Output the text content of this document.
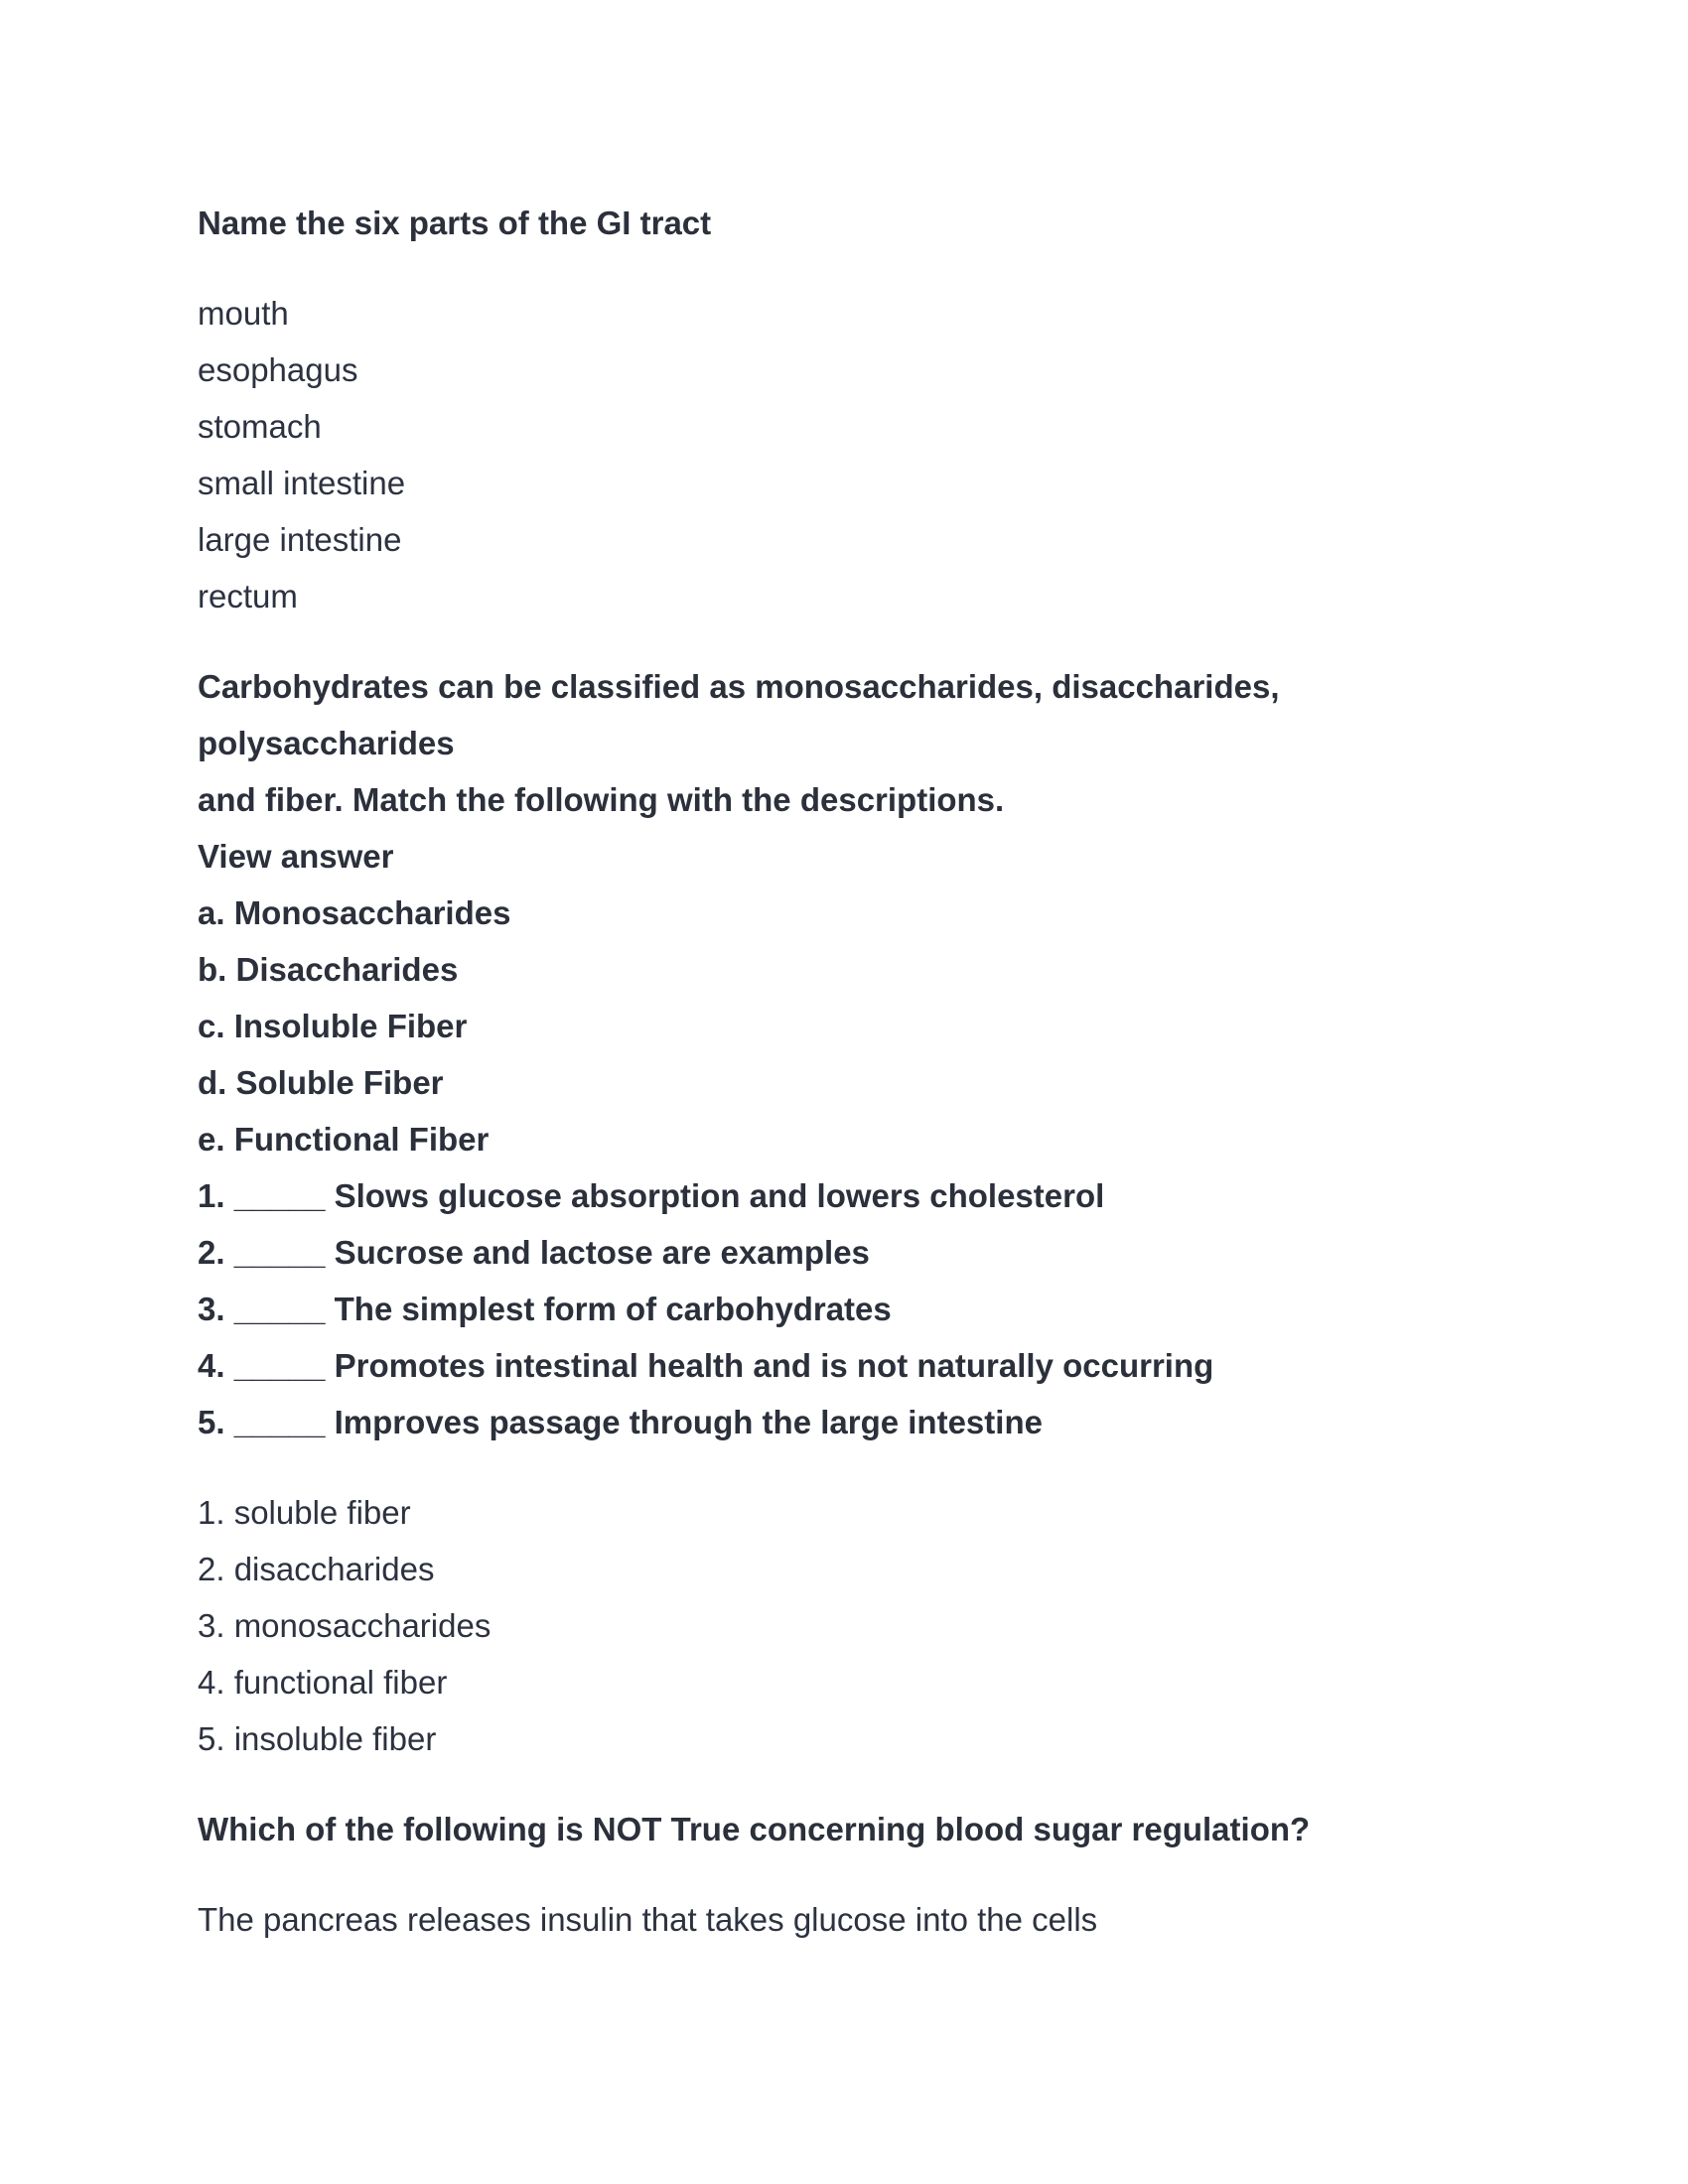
Name the six parts of the GI tract
mouth
esophagus
stomach
small intestine
large intestine
rectum
Carbohydrates can be classified as monosaccharides, disaccharides,
polysaccharides
and fiber. Match the following with the descriptions.
View answer
a. Monosaccharides
b. Disaccharides
c. Insoluble Fiber
d. Soluble Fiber
e. Functional Fiber
1. _____ Slows glucose absorption and lowers cholesterol
2. _____ Sucrose and lactose are examples
3. _____ The simplest form of carbohydrates
4. _____ Promotes intestinal health and is not naturally occurring
5. _____ Improves passage through the large intestine
1. soluble fiber
2. disaccharides
3. monosaccharides
4. functional fiber
5. insoluble fiber
Which of the following is NOT True concerning blood sugar regulation?
The pancreas releases insulin that takes glucose into the cells
